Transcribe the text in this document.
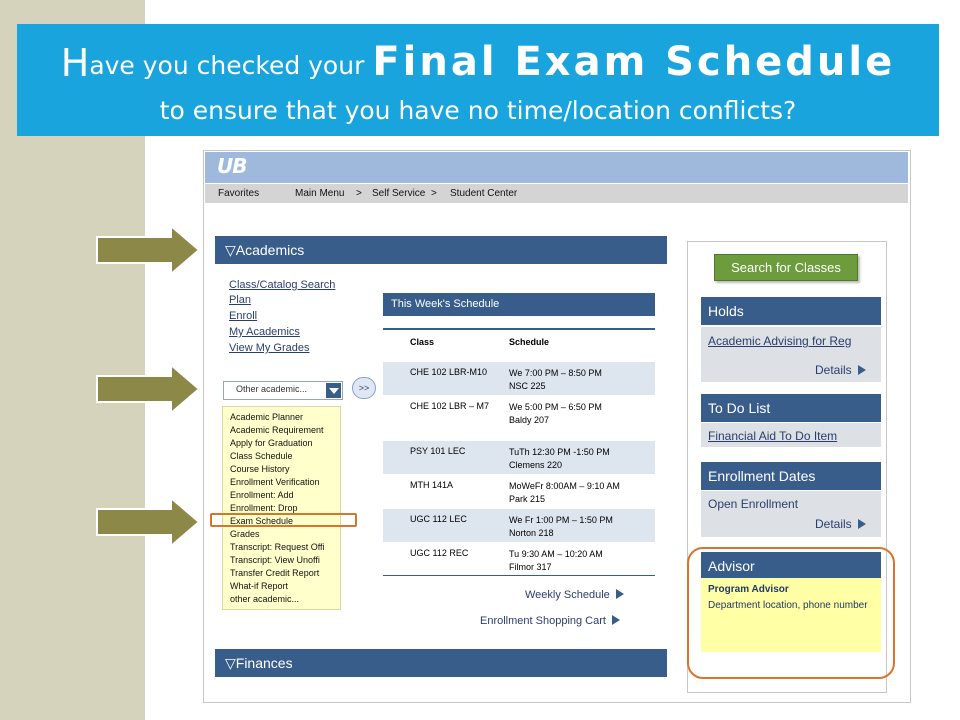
Have you checked your Final Exam Schedule
to ensure that you have no time/location conflicts?
UB
Favorites	Main Menu > Self Service > Student Center
▽Academics
Class/Catalog Search
Plan
Enroll
My Academics
View My Grades
Other academic...	>>
Academic Planner
Academic Requirement
Apply for Graduation
Class Schedule
Course History
Enrollment Verification
Enrollment: Add
Enrollment: Drop
Exam Schedule
Grades
Transcript: Request Offi
Transcript: View Unoffi
Transfer Credit Report
What-if Report
other academic...
This Week's Schedule
Class	Schedule
CHE 102 LBR-M10 We 7:00 PM – 8:50 PM
NSC 225
CHE 102 LBR – M7 We 5:00 PM – 6:50 PM
Baldy 207
PSY 101 LEC	TuTh 12:30 PM -1:50 PM
Clemens 220
MTH 141A	MoWeFr 8:00AM – 9:10 AM
Park 215
UGC 112 LEC	We Fr 1:00 PM – 1:50 PM
Norton 218
UGC 112 REC	Tu 9:30 AM – 10:20 AM
Filmor 317
Weekly Schedule
Enrollment Shopping Cart
▽Finances
Search for Classes
Holds
Academic Advising for Reg
Details
To Do List
Financial Aid To Do Item
Enrollment Dates
Open Enrollment
Details
Advisor
Program Advisor
Department location, phone number
